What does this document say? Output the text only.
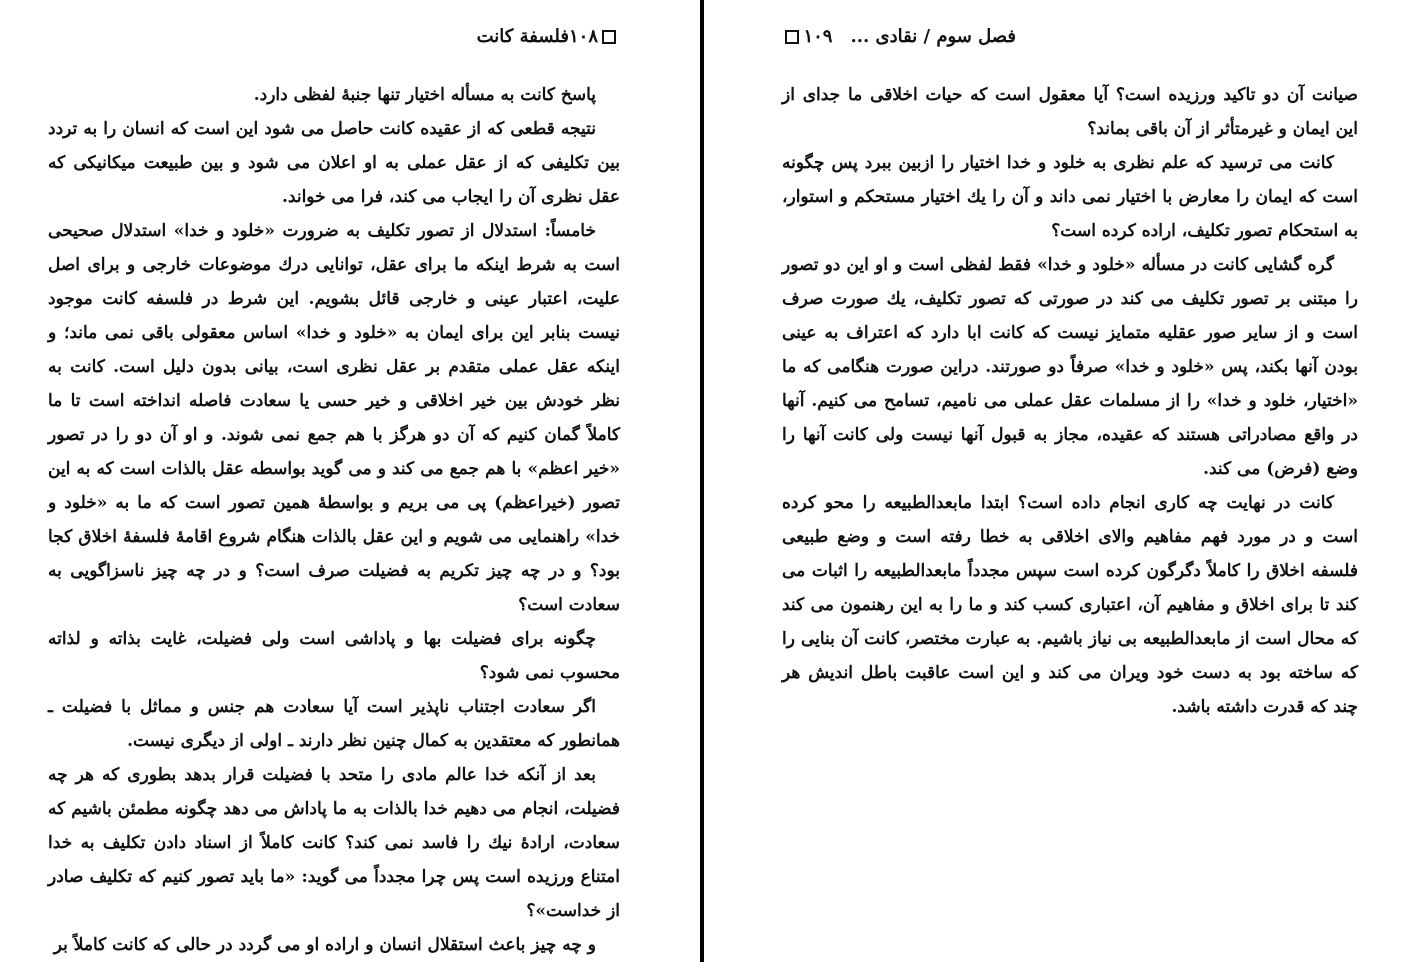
۱۰۸فلسفة كانت

پاسخ كانت به مسأله اختيار تنها جنبۀ لفظی دارد.

نتيجه قطعی كه از عقيده كانت حاصل می شود اين است كه انسان را به تردد بين تكليفی كه از عقل عملی به او اعلان می شود و بين طبيعت ميكانيكی كه عقل نظری آن را ايجاب می كند، فرا می خواند.

خامساً: استدلال از تصور تكليف به ضرورت «خلود و خدا» استدلال صحيحی است به شرط اينكه ما برای عقل، توانايی درك موضوعات خارجی و برای اصل عليت، اعتبار عينی و خارجی قائل بشويم. اين شرط در فلسفه كانت موجود نيست بنابر اين برای ايمان به «خلود و خدا» اساس معقولی باقی نمی ماند؛ و اينكه عقل عملی متقدم بر عقل نظری است، بيانی بدون دليل است. كانت به نظر خودش بين خير اخلاقی و خير حسی يا سعادت فاصله انداخته است تا ما كاملاً گمان كنيم كه آن دو هرگز با هم جمع نمی شوند. و او آن دو را در تصور «خير اعظم» با هم جمع می كند و می گويد بواسطه عقل بالذات است كه به اين تصور (خيراعظم) پی می بريم و بواسطۀ همين تصور است كه ما به «خلود و خدا» راهنمايی می شويم و اين عقل بالذات هنگام شروع اقامۀ فلسفۀ اخلاق كجا بود؟ و در چه چيز تكريم به فضيلت صرف است؟ و در چه چيز ناسزاگويی به سعادت است؟

چگونه برای فضيلت بها و پاداشی است ولی فضيلت، غايت بذاته و لذاته محسوب نمی شود؟

اگر سعادت اجتناب ناپذير است آيا سعادت هم جنس و مماثل با فضيلت ـ همانطور كه معتقدين به كمال چنين نظر دارند ـ اولی از ديگری نيست.

بعد از آنكه خدا عالم مادی را متحد با فضيلت قرار بدهد بطوری كه هر چه فضيلت، انجام می دهيم خدا بالذات به ما پاداش می دهد چگونه مطمئن باشيم كه سعادت، ارادۀ نيك را فاسد نمی كند؟ كانت كاملاً از اسناد دادن تكليف به خدا امتناع ورزيده است پس چرا مجدداً می گويد: «ما بايد تصور كنيم كه تكليف صادر از خداست»؟

و چه چيز باعث استقلال انسان و اراده او می گردد در حالی كه كانت كاملاً بر

فصل سوم / نقادی ...۱۰۹

صيانت آن دو تاكيد ورزيده است؟ آيا معقول است كه حيات اخلاقی ما جدای از اين ايمان و غيرمتأثر از آن باقی بماند؟

كانت می ترسيد كه علم نظری به خلود و خدا اختيار را ازبين ببرد پس چگونه است كه ايمان را معارض با اختيار نمی داند و آن را يك اختيار مستحكم و استوار، به استحكام تصور تكليف، اراده كرده است؟

گره گشايی كانت در مسأله «خلود و خدا» فقط لفظی است و او اين دو تصور را مبتنی بر تصور تكليف می كند در صورتی كه تصور تكليف، يك صورت صرف است و از ساير صور عقليه متمايز نيست كه كانت ابا دارد كه اعتراف به عينی بودن آنها بكند، پس «خلود و خدا» صرفاً دو صورتند. دراين صورت هنگامی كه ما «اختيار، خلود و خدا» را از مسلمات عقل عملی می ناميم، تسامح می كنيم. آنها در واقع مصادراتی هستند كه عقيده، مجاز به قبول آنها نيست ولی كانت آنها را وضع (فرض) می كند.

كانت در نهايت چه كاری انجام داده است؟ ابتدا مابعدالطبيعه را محو كرده است و در مورد فهم مفاهيم والای اخلاقی به خطا رفته است و وضع طبيعی فلسفه اخلاق را كاملاً دگرگون كرده است سپس مجدداً مابعدالطبيعه را اثبات می كند تا برای اخلاق و مفاهيم آن، اعتباری كسب كند و ما را به اين رهنمون می كند كه محال است از مابعدالطبيعه بی نياز باشيم. به عبارت مختصر، كانت آن بنايی را كه ساخته بود به دست خود ويران می كند و اين است عاقبت باطل انديش هر چند كه قدرت داشته باشد.
